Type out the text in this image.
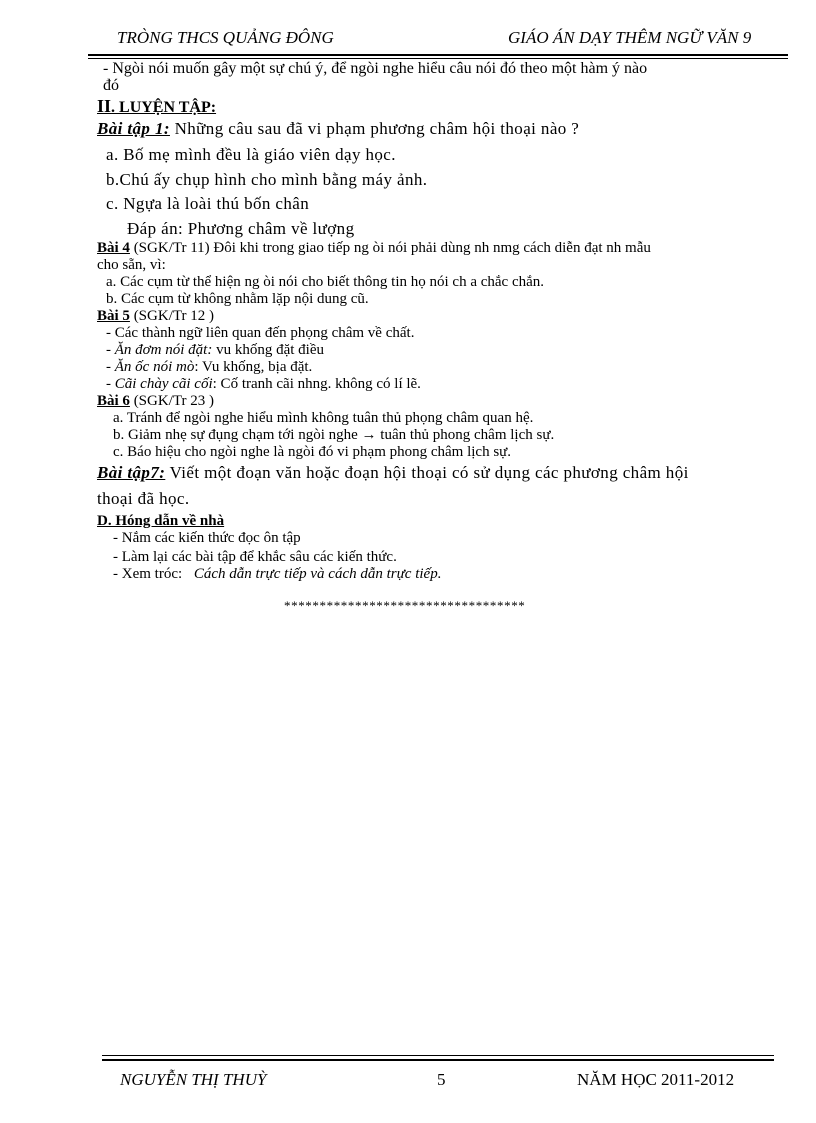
TRÒNG THCS QUẢNG ĐÔNG	GIÁO ÁN DẠY THÊM NGỮ VĂN 9
- Ngòi nói muốn gây một sự chú ý, để ngòi nghe hiểu câu nói đó theo một hàm ý nào
đó
II. LUYỆN TẬP:
Bài tập 1: Những câu sau đã vi phạm phương châm hội thoại nào ?
a. Bố mẹ mình đều là giáo viên dạy học.
b.Chú ấy chụp hình cho mình bằng máy ảnh.
c. Ngựa là loài thú bốn chân
Đáp án: Phương châm về lượng
Bài 4 (SGK/Tr 11) Đôi khi trong giao tiếp ng òi nói phải dùng nh nmg cách diễn đạt nh mẫu
cho sẵn, vì:
a. Các cụm từ thể hiện ng òi nói cho biết thông tin họ nói ch a chắc chắn.
b. Các cụm từ không nhằm lặp nội dung cũ.
Bài 5 (SGK/Tr 12 )
- Các thành ngữ liên quan đến phọng châm về chất.
- Ăn đơm nói đặt: vu khống đặt điều
- Ăn ốc nói mò: Vu khống, bịa đặt.
- Cãi chày cãi cối: Cố tranh cãi nhng. không có lí lẽ.
Bài 6 (SGK/Tr 23 )
a. Tránh để ngòi nghe hiểu mình không tuân thủ phọng châm quan hệ.
b. Giảm nhẹ sự đụng chạm tới ngòi nghe → tuân thủ phong châm lịch sự.
c. Báo hiệu cho ngòi nghe là ngòi đó vi phạm phong châm lịch sự.
Bài tập7: Viết một đoạn văn hoặc đoạn hội thoại có sử dụng các phương châm hội
thoại đã học.
D. Hóng dẫn về nhà
- Nắm các kiến thức đọc ôn tập
- Làm lại các bài tập để khắc sâu các kiến thức.
- Xem tróc: Cách dẫn trực tiếp và cách dẫn trực tiếp.
**********************************
NGUYỄN THỊ THUỲ	5	NĂM HỌC 2011-2012
